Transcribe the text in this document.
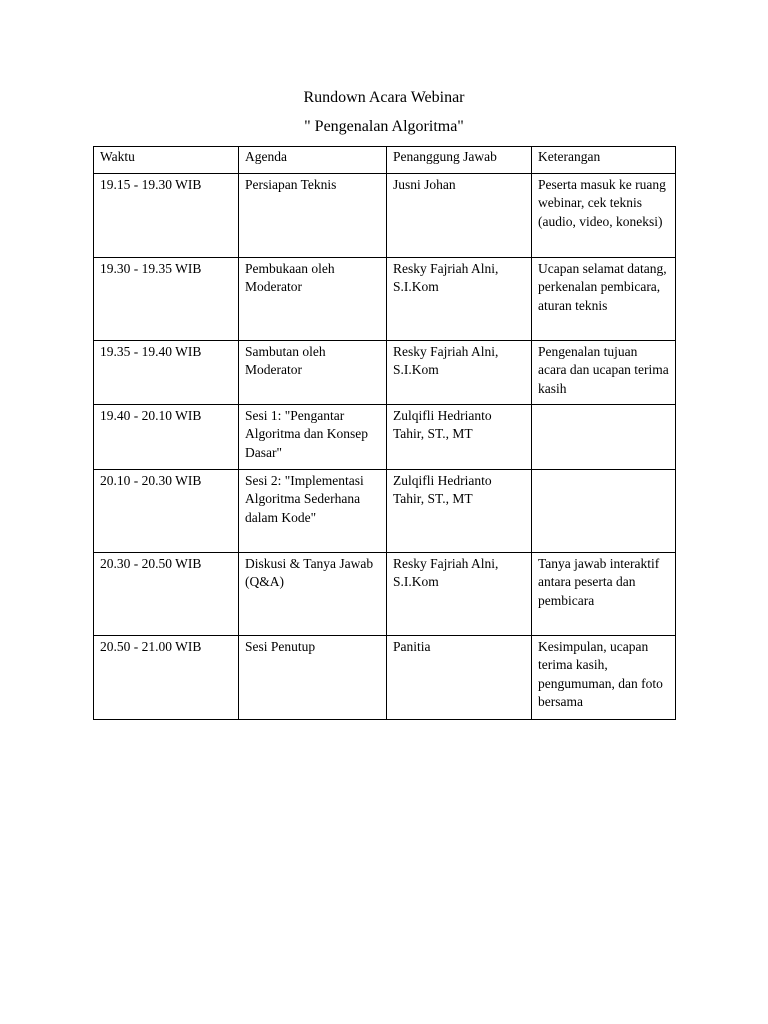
Rundown Acara Webinar
" Pengenalan Algoritma"
Waktu	Agenda	Penanggung Jawab	Keterangan
19.15 - 19.30 WIB	Persiapan Teknis	Jusni Johan	Peserta masuk ke ruang webinar, cek teknis (audio, video, koneksi)
19.30 - 19.35 WIB	Pembukaan oleh Moderator	Resky Fajriah Alni, S.I.Kom	Ucapan selamat datang, perkenalan pembicara, aturan teknis
19.35 - 19.40 WIB	Sambutan oleh Moderator	Resky Fajriah Alni, S.I.Kom	Pengenalan tujuan acara dan ucapan terima kasih
19.40 - 20.10 WIB	Sesi 1: "Pengantar Algoritma dan Konsep Dasar"	Zulqifli Hedrianto Tahir, ST., MT	
20.10 - 20.30 WIB	Sesi 2: "Implementasi Algoritma Sederhana dalam Kode"	Zulqifli Hedrianto Tahir, ST., MT	
20.30 - 20.50 WIB	Diskusi & Tanya Jawab (Q&A)	Resky Fajriah Alni, S.I.Kom	Tanya jawab interaktif antara peserta dan pembicara
20.50 - 21.00 WIB	Sesi Penutup	Panitia	Kesimpulan, ucapan terima kasih, pengumuman, dan foto bersama
